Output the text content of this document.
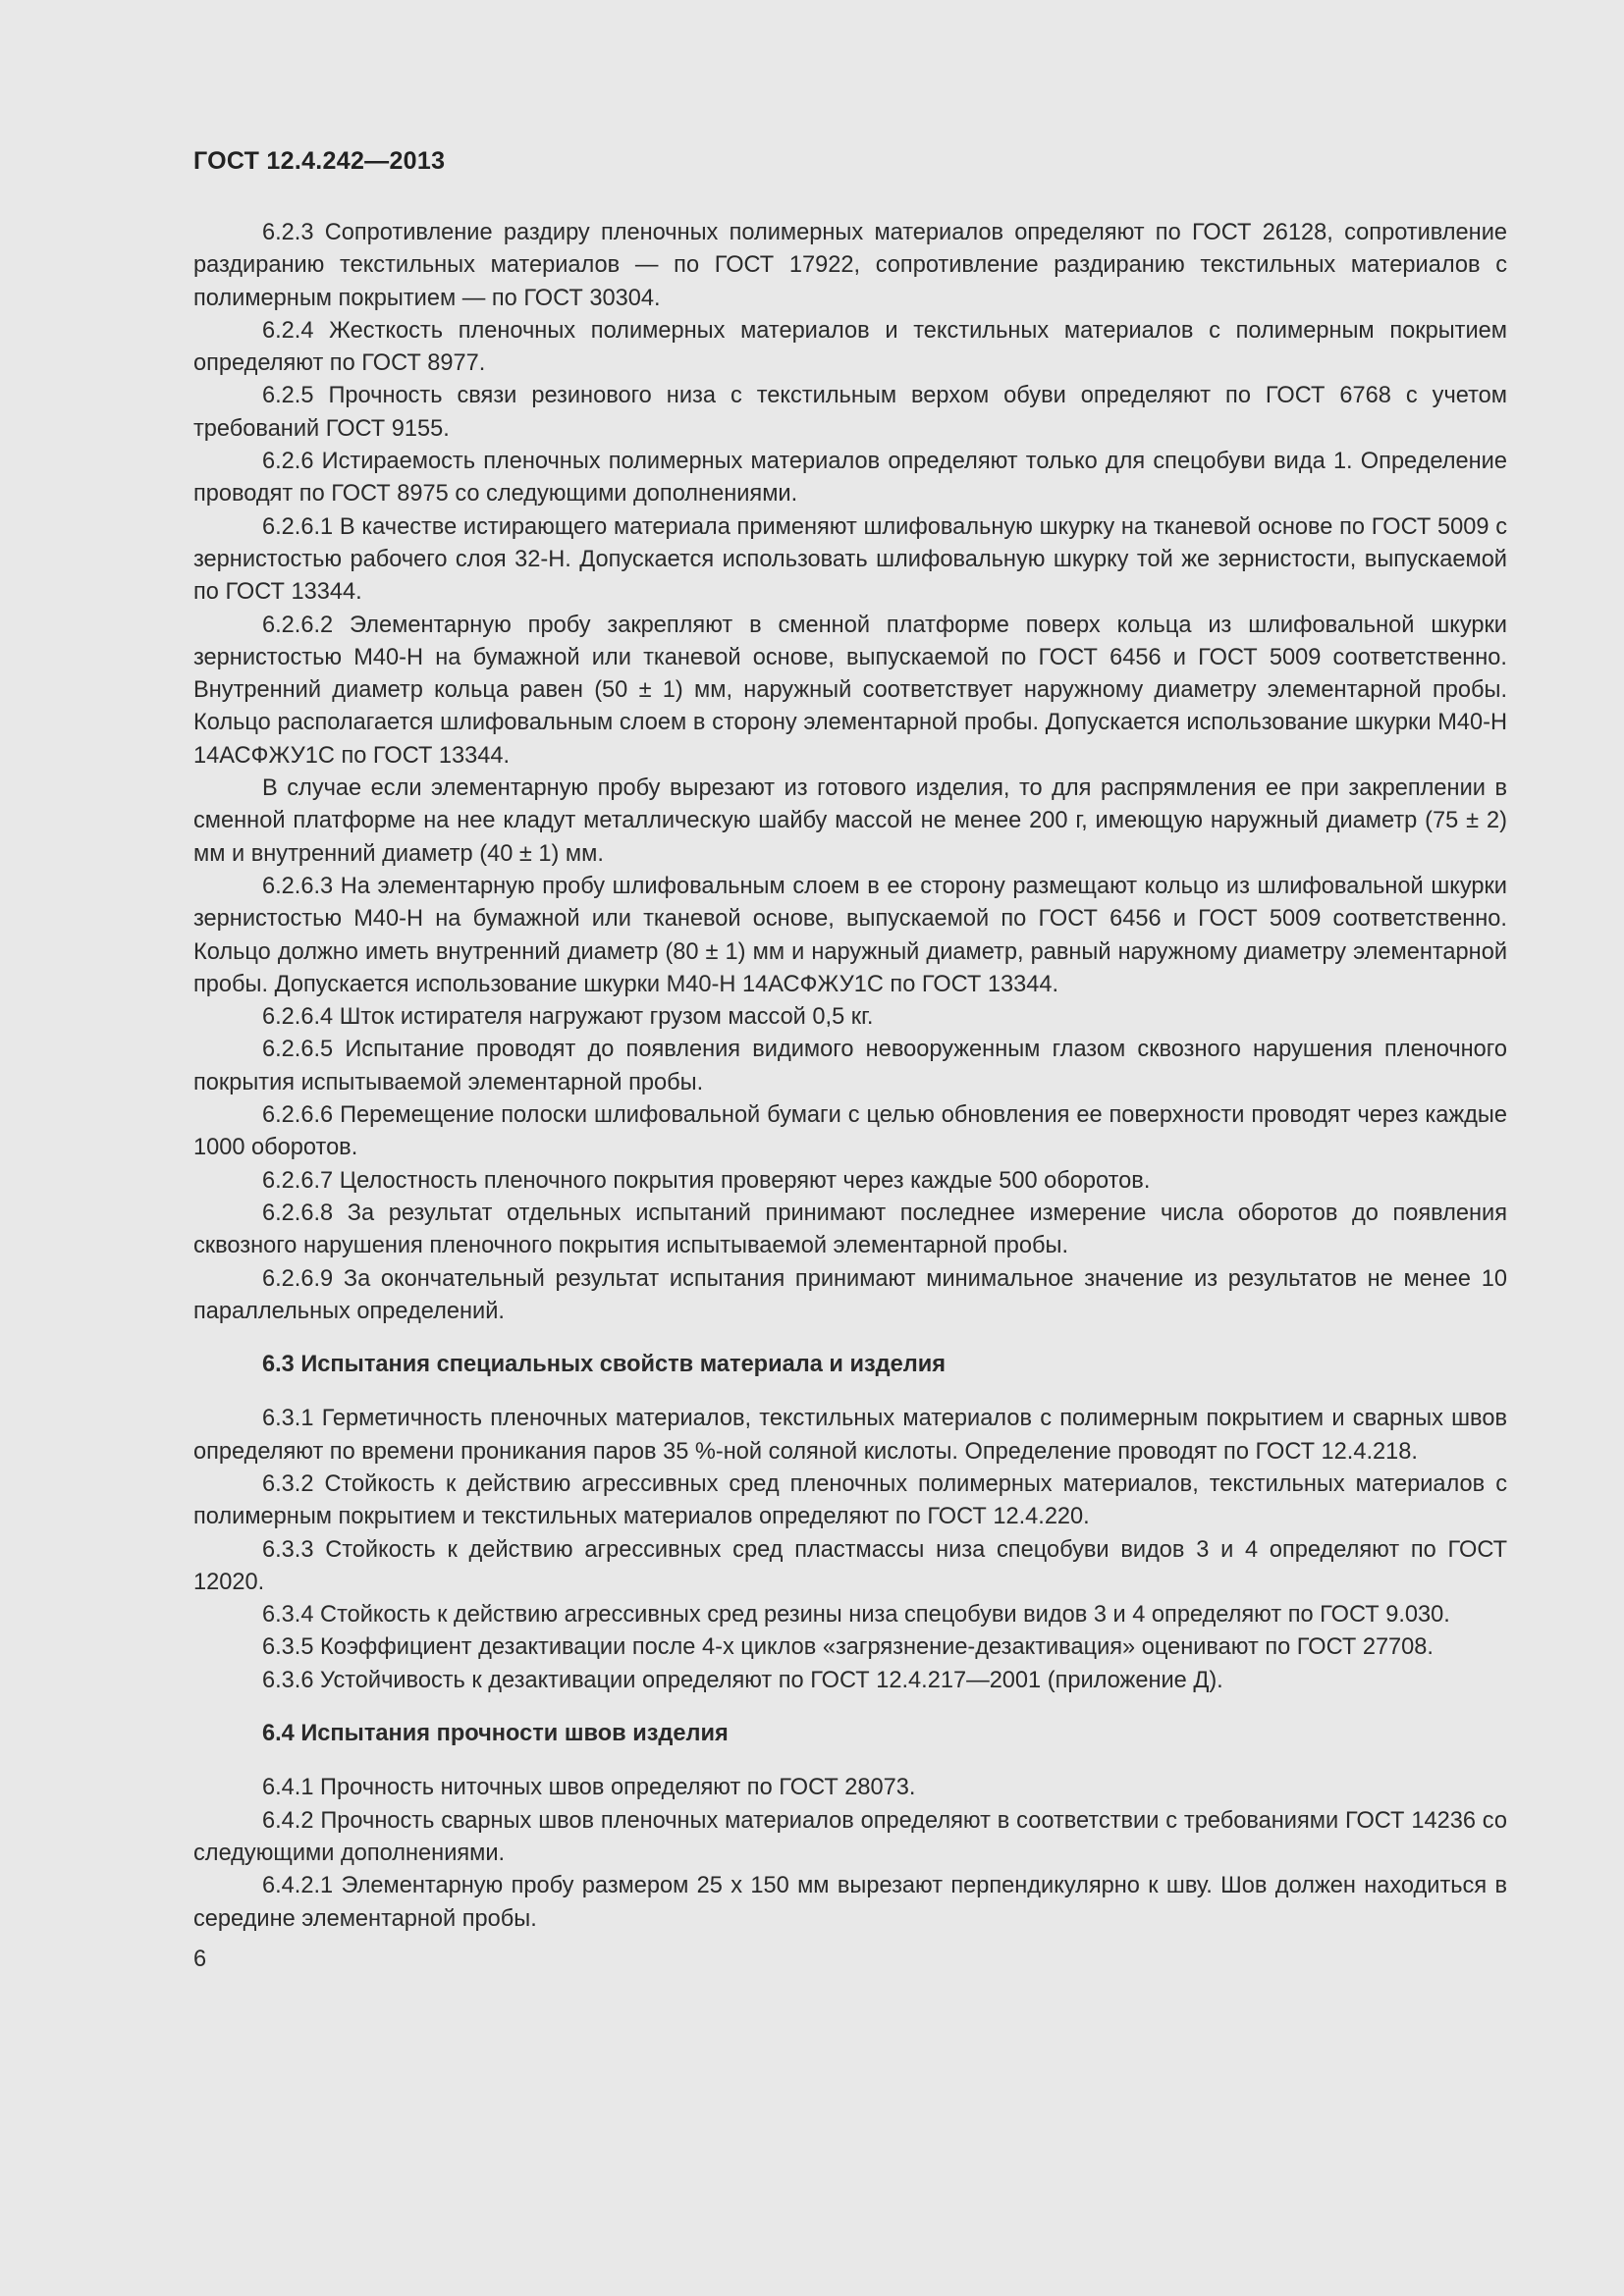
ГОСТ 12.4.242—2013

6.2.3 Сопротивление раздиру пленочных полимерных материалов определяют по ГОСТ 26128, сопротивление раздиранию текстильных материалов — по ГОСТ 17922, сопротивление раздиранию текстильных материалов с полимерным покрытием — по ГОСТ 30304.

6.2.4 Жесткость пленочных полимерных материалов и текстильных материалов с полимерным покрытием определяют по ГОСТ 8977.

6.2.5 Прочность связи резинового низа с текстильным верхом обуви определяют по ГОСТ 6768 с учетом требований ГОСТ 9155.

6.2.6 Истираемость пленочных полимерных материалов определяют только для спецобуви вида 1. Определение проводят по ГОСТ 8975 со следующими дополнениями.

6.2.6.1 В качестве истирающего материала применяют шлифовальную шкурку на тканевой основе по ГОСТ 5009 с зернистостью рабочего слоя 32-Н. Допускается использовать шлифовальную шкурку той же зернистости, выпускаемой по ГОСТ 13344.

6.2.6.2 Элементарную пробу закрепляют в сменной платформе поверх кольца из шлифовальной шкурки зернистостью М40-Н на бумажной или тканевой основе, выпускаемой по ГОСТ 6456 и ГОСТ 5009 соответственно. Внутренний диаметр кольца равен (50 ± 1) мм, наружный соответствует наружному диаметру элементарной пробы. Кольцо располагается шлифовальным слоем в сторону элементарной пробы. Допускается использование шкурки М40-Н 14АСФЖУ1С по ГОСТ 13344.

В случае если элементарную пробу вырезают из готового изделия, то для распрямления ее при закреплении в сменной платформе на нее кладут металлическую шайбу массой не менее 200 г, имеющую наружный диаметр (75 ± 2) мм и внутренний диаметр (40 ± 1) мм.

6.2.6.3 На элементарную пробу шлифовальным слоем в ее сторону размещают кольцо из шлифовальной шкурки зернистостью М40-Н на бумажной или тканевой основе, выпускаемой по ГОСТ 6456 и ГОСТ 5009 соответственно. Кольцо должно иметь внутренний диаметр (80 ± 1) мм и наружный диаметр, равный наружному диаметру элементарной пробы. Допускается использование шкурки М40-Н 14АСФЖУ1С по ГОСТ 13344.

6.2.6.4 Шток истирателя нагружают грузом массой 0,5 кг.

6.2.6.5 Испытание проводят до появления видимого невооруженным глазом сквозного нарушения пленочного покрытия испытываемой элементарной пробы.

6.2.6.6 Перемещение полоски шлифовальной бумаги с целью обновления ее поверхности проводят через каждые 1000 оборотов.

6.2.6.7 Целостность пленочного покрытия проверяют через каждые 500 оборотов.

6.2.6.8 За результат отдельных испытаний принимают последнее измерение числа оборотов до появления сквозного нарушения пленочного покрытия испытываемой элементарной пробы.

6.2.6.9 За окончательный результат испытания принимают минимальное значение из результатов не менее 10 параллельных определений.

6.3 Испытания специальных свойств материала и изделия

6.3.1 Герметичность пленочных материалов, текстильных материалов с полимерным покрытием и сварных швов определяют по времени проникания паров 35 %-ной соляной кислоты. Определение проводят по ГОСТ 12.4.218.

6.3.2 Стойкость к действию агрессивных сред пленочных полимерных материалов, текстильных материалов с полимерным покрытием и текстильных материалов определяют по ГОСТ 12.4.220.

6.3.3 Стойкость к действию агрессивных сред пластмассы низа спецобуви видов 3 и 4 определяют по ГОСТ 12020.

6.3.4 Стойкость к действию агрессивных сред резины низа спецобуви видов 3 и 4 определяют по ГОСТ 9.030.

6.3.5 Коэффициент дезактивации после 4-х циклов «загрязнение-дезактивация» оценивают по ГОСТ 27708.

6.3.6 Устойчивость к дезактивации определяют по ГОСТ 12.4.217—2001 (приложение Д).

6.4 Испытания прочности швов изделия

6.4.1 Прочность ниточных швов определяют по ГОСТ 28073.

6.4.2 Прочность сварных швов пленочных материалов определяют в соответствии с требованиями ГОСТ 14236 со следующими дополнениями.

6.4.2.1 Элементарную пробу размером 25 x 150 мм вырезают перпендикулярно к шву. Шов должен находиться в середине элементарной пробы.

6
